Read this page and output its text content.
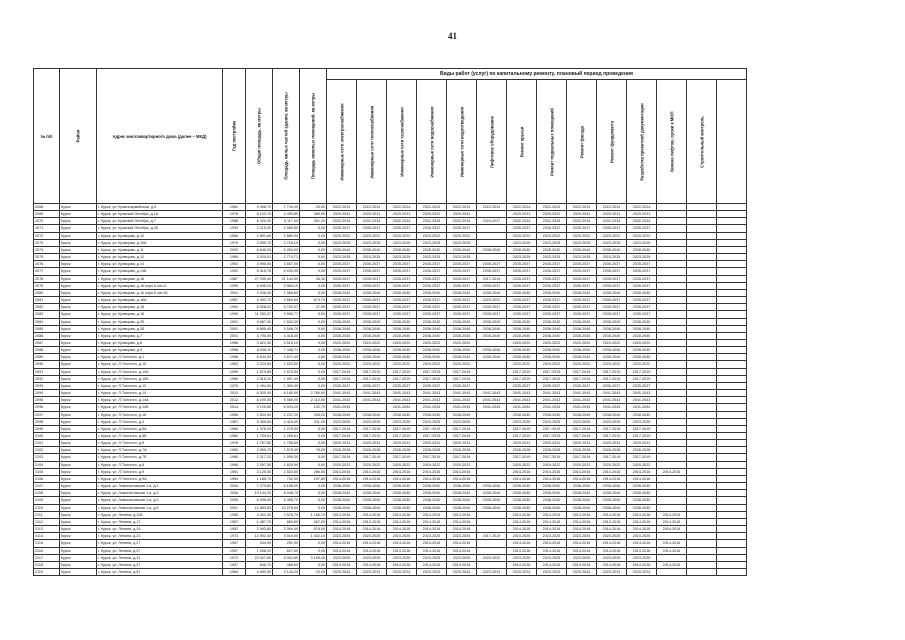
41
№ п/п	Район	Адрес многоквартирного дома (далее – МКД)	Год постройки	Общая площадь, кв.метры	Площадь жилых частей здания, кв.метры	Площадь нежилых помещений, кв.метры	Виды работ (услуг) по капитальному ремонту, плановый период проведения													

							Инженерные сети электроснабжения	Инженерные сети теплоснабжения	Инженерные сети газоснабжения	Инженерные сети водоснабжения	Инженерные сети водоотведения	Лифтовое оборудование	Ремонт крыши	Ремонт подвальных помещений	Ремонт фасада	Ремонт фундамента	Разработка проектной документации	Замена лифтов, сроки к МОП	Строительный контроль	

2068	Курск	г. Курск, ул. Красноармейская, д.5	1981	9 056,70	7 744,40	20,50	2022-2024	2022-2024	2022-2024	2022-2024	2022-2024	2022-2024	2022-2024	2022-2024	2022-2024	2022-2024	2022-2024			
2069	Курск	г. Курск, ул. Красный Октябрь, д.18	1976	8 102,70	4 493,80	369,90	2029-2031	2029-2031	2029-2031	2029-2031	2029-2031		2029-2031	2029-2031	2029-2031	2029-2031	2029-2031			
2070	Курск	г. Курск, ул. Красный Октябрь, д.7	1988	6 320,20	5 117,40	391,20	2032-2034	2032-2034	2032-2034	2032-2034	2032-2034	2024-2027	2032-2034	2032-2034	2032-2034	2032-2034	2032-2034			
2071	Курск	г. Курск, ул. Красный Октябрь, д.35	1994	2 215,30	2 080,50	0,00	2035-2037	2035-2037	2035-2037	2035-2037	2035-2037		2035-2037	2035-2037	2035-2037	2035-2037	2035-2037			
2072	Курск	г. Курск, ул. Кривцова, д.10	1966	2 891,60	2 589,90	0,00	2020-2022	2020-2022	2020-2022	2020-2022	2020-2022		2020-2022	2020-2022	2020-2022	2020-2022	2020-2022			
2073	Курск	г. Курск, ул. Кривцова, д.10А	1970	3 090,70	2 718,10	0,00	2023-2025	2023-2025	2023-2025	2023-2025	2023-2025		2023-2025	2023-2025	2023-2025	2023-2025	2023-2025			
2074	Курск	г. Курск, ул. Кривцова, д.11	2002	6 646,20	6 294,00	0,00	2038-2040	2038-2040	2038-2040	2038-2040	2038-2040	2038-2040	2038-2040	2038-2040	2038-2040	2038-2040	2038-2040			
2075	Курск	г. Курск, ул. Кривцова, д.12	1969	3 020,51	2 774,71	0,00	2023-2025	2023-2025	2023-2025	2023-2025	2023-2025		2023-2025	2023-2025	2023-2025	2023-2025	2023-2025			
2076	Курск	г. Курск, ул. Кривцова, д.14	1992	4 995,00	3 857,50	0,00	2035-2037	2035-2037	2035-2037	2035-2037	2035-2037	2035-2037	2035-2037	2035-2037	2035-2037	2035-2037	2035-2037			
2077	Курск	г. Курск, ул. Кривцова, д.14Б	1992	5 410,75	5 030,95	0,00	2035-2037	2035-2037	2035-2037	2035-2037	2035-2037	2035-2037	2035-2037	2035-2037	2035-2037	2035-2037	2035-2037			
2078	Курск	г. Курск, ул. Кривцова, д.16	1987	27 299,40	21 144,50	36,30	2035-2037	2035-2037	2035-2037	2035-2037	2035-2037	2017-2019	2035-2037	2035-2037	2035-2037	2035-2037	2035-2037			
2079	Курск	г. Курск, ул. Кривцова, д.16 корп.6 лит.А	1990	6 945,10	5 983,10	0,00	2035-2037	2035-2037	2035-2037	2035-2037	2035-2037	2035-2037	2035-2037	2035-2037	2035-2037	2035-2037	2035-2037			
2080	Курск	г. Курск, ул. Кривцова, д.16 корп.6 лит.А1	2001	2 038,40	1 966,80	0,00	2038-2040	2038-2040	2038-2040	2038-2040	2038-2040	2038-2040	2038-2040	2038-2040	2038-2040	2038-2040	2038-2040			
2081	Курск	г. Курск, ул. Кривцова, д.16А	1987	4 392,70	3 664,60	674,70	2035-2037	2035-2037	2035-2037	2035-2037	2035-2037	2020-2022	2035-2037	2035-2037	2035-2037	2035-2037	2035-2037			
2082	Курск	г. Курск, ул. Кривцова, д.18	1992	6 528,41	5 752,07	27,90	2035-2037	2035-2037	2035-2037	2035-2037	2035-2037	2035-2037	2035-2037	2035-2037	2035-2037	2035-2037	2035-2037			
2083	Курск	г. Курск, ул. Кривцова, д.18	1990	11 252,37	9 596,77	0,00	2035-2037	2035-2037	2035-2037	2035-2037	2035-2037	2035-2037	2035-2037	2035-2037	2035-2037	2035-2037	2035-2037			
2084	Курск	г. Курск, ул. Кривцова, д.2Б	2001	9 687,40	7 842,00	0,00	2038-2040	2038-2040	2038-2040	2038-2040	2038-2040	2038-2040	2038-2040	2038-2040	2038-2040	2038-2040	2038-2040			
2085	Курск	г. Курск, ул. Кривцова, д.2Б	2001	6 855,40	5 546,70	0,00	2038-2040	2038-2040	2038-2040	2038-2040	2038-2040	2038-2040	2038-2040	2038-2040	2038-2040	2038-2040	2038-2040			
2086	Курск	г. Курск, ул. Кривцова, д.7	2001	4 790,50	4 418,40	0,00	2038-2040	2038-2040	2038-2040	2038-2040	2038-2040	2038-2040	2038-2040	2038-2040	2038-2040	2038-2040	2038-2040			
2087	Курск	г. Курск, ул. Кривцова, д.8	1968	3 822,30	3 515,10	0,00	2020-2022	2020-2022	2020-2022	2020-2022	2020-2022		2020-2022	2020-2022	2020-2022	2020-2022	2020-2022			
2088	Курск	г. Курск, ул. Кривцова, д.9	1998	8 038,11	7 448,71	0,00	2038-2040	2038-2040	2038-2040	2038-2040	2038-2040	2038-2040	2038-2040	2038-2040	2038-2040	2038-2040	2038-2040			
2089	Курск	г. Курск, ул. Л.Толстого, д.1	1996	6 544,00	4 671,40	4,80	2038-2040	2038-2040	2038-2040	2038-2040	2038-2040	2038-2040	2038-2040	2038-2040	2038-2040	2038-2040	2038-2040			
2090	Курск	г. Курск, ул. Л.Толстого, д.10	1963	3 224,90	2 523,00	0,00	2020-2022	2020-2022	2020-2022	2020-2022	2020-2022		2020-2022	2020-2022	2020-2022	2020-2022	2020-2022			
2091	Курск	г. Курск, ул. Л.Толстого, д.10А	1959	1 679,80	1 570,50	0,00	2017-2019	2017-2019	2017-2019	2017-2019	2017-2019		2017-2019	2017-2019	2017-2019	2017-2019	2017-2019			
2092	Курск	г. Курск, ул. Л.Толстого, д.10Б	1959	2 015,10	1 897,40	0,00	2017-2019	2017-2019	2017-2019	2017-2019	2017-2019		2017-2019	2017-2019	2017-2019	2017-2019	2017-2019			
2093	Курск	г. Курск, ул. Л.Толстого, д.12	1975	1 494,00	1 394,40	0,00	2035-2037	2035-2037	2035-2037	2035-2037	2035-2037		2035-2037	2035-2037	2035-2037	2035-2037	2035-2037			
2094	Курск	г. Курск, ул. Л.Толстого, д.14	2010	8 300,00	6 180,00	2 780,00	2041-2043	2041-2043	2041-2043	2041-2043	2041-2043	2041-2043	2041-2043	2041-2043	2041-2043	2041-2043	2041-2043			
2095	Курск	г. Курск, ул. Л.Толстого, д.14А	2012	8 190,00	6 080,00	2 110,00	2041-2043	2041-2043	2041-2043	2041-2043	2041-2043	2041-2043	2041-2043	2041-2043	2041-2043	2041-2043	2041-2043			
2096	Курск	г. Курск, ул. Л.Толстого, д.14Б	2014	9 125,60	6 043,20	132,70	2041-2043		2041-2043	2041-2043	2041-2043	2041-2043	2041-2043	2041-2043	2041-2043	2041-2043	2041-2043			
2097	Курск	г. Курск, ул. Л.Толстого, д.16	1996	2 604,90	2 237,20	345,20	2038-2040	2038-2040	2038-2040	2038-2040	2038-2040		2038-2040	2038-2040	2038-2040	2038-2040	2038-2040			
2098	Курск	г. Курск, ул. Л.Толстого, д.4	1967	5 369,50	4 415,40	311,00	2023-2025	2023-2025	2023-2025	2023-2025	2023-2025		2023-2025	2023-2025	2023-2025	2023-2025	2023-2025			
2099	Курск	г. Курск, ул. Л.Толстого, д.5А	1960	1 378,25	1 278,00	0,00	2017-2019	2017-2019	2017-2019	2017-2019	2017-2019		2017-2019	2017-2019	2017-2019	2017-2019	2017-2019			
2100	Курск	г. Курск, ул. Л.Толстого, д.5Б	1960	1 750,61	1 255,61	0,00	2017-2019	2017-2019	2017-2019	2017-2019	2017-2019		2017-2019	2017-2019	2017-2019	2017-2019	2017-2019			
2101	Курск	г. Курск, ул. Л.Толстого, д.6	1976	1 767,80	1 798,50	0,00	2029-2031	2029-2031	2029-2031	2029-2031	2029-2031		2029-2031	2029-2031	2029-2031	2029-2031	2029-2031			
2102	Курск	г. Курск, ул. Л.Толстого, д.7А	1983	2 955,70	1 575,40	78,20	2026-2028	2026-2028	2026-2028	2026-2028	2026-2028		2026-2028	2026-2028	2026-2028	2026-2028	2026-2028			
2103	Курск	г. Курск, ул. Л.Толстого, д.7Б	1960	2 217,22	1 590,30	0,00	2017-2019	2017-2019	2017-2019	2017-2019	2017-2019		2017-2019	2017-2019	2017-2019	2017-2019	2017-2019			
2104	Курск	г. Курск, ул. Л.Толстого, д.8	1966	2 097,50	1 620,90	0,00	2020-2022	2020-2022	2020-2022	2020-2022	2020-2022		2020-2022	2020-2022	2020-2022	2020-2022	2020-2022			
2105	Курск	г. Курск, ул. Л.Толстого, д.9	1951	3 125,30	2 522,60	286,50	2014-2016	2014-2016	2014-2016	2014-2016	2014-2016		2014-2016	2014-2016	2014-2016	2014-2016	2014-2016	2014-2016		
2106	Курск	г. Курск, ул. Л.Толстого, д.9А	1954	1 185,70	742,30	197,80	2014-2016	2014-2016	2014-2016	2014-2016	2014-2016		2014-2016	2014-2016	2014-2016	2014-2016	2014-2016			
2107	Курск	г. Курск, ул. Ломоносовская 1-я, д.1	2004	7 479,60	6 158,30	0,00	2038-2040	2038-2040	2038-2040	2038-2040	2038-2040	2038-2040	2038-2040	2038-2040	2038-2040	2038-2040	2038-2040			
2108	Курск	г. Курск, ул. Ломоносовская 1-я, д.3	2006	19 144,20	8 046,70	0,00	2038-2040	2038-2040	2038-2040	2038-2040	2038-2040	2038-2040	2038-2040	2038-2040	2038-2040	2038-2040	2038-2040			
2109	Курск	г. Курск, ул. Ломоносовская 1-я, д.3	2005	6 096,60	5 458,70	0,00	2038-2040	2038-2040	2038-2040	2038-2040	2038-2040	2038-2040	2038-2040	2038-2040	2038-2040	2038-2040	2038-2040			
2110	Курск	г. Курск, ул. Ломоносовская 1-я, д.5	2001	12 583,50	10 278,00	0,00	2038-2040	2038-2040	2038-2040	2038-2040	2038-2040	2038-2040	2038-2040	2038-2040	2038-2040	2038-2040	2038-2040			
2111	Курск	г. Курск, ул. Ленина, д.108	1955	4 403,30	2 576,70	1 166,70	2014-2016	2014-2016	2014-2016	2014-2016	2014-2016		2014-2016	2014-2016	2014-2016	2014-2016	2014-2016	2014-2016		
2112	Курск	г. Курск, ул. Ленина, д.17	1957	1 487,70	860,60	267,00	2014-2016	2014-2016	2014-2016	2014-2016	2014-2016		2014-2016	2014-2016	2014-2016	2014-2016	2014-2016	2014-2016		
2113	Курск	г. Курск, ул. Ленина, д.19	1952	2 993,80	2 094,40	578,00	2014-2016	2014-2016	2014-2016	2014-2016	2014-2016		2014-2016	2014-2016	2014-2016	2014-2016	2014-2016	2014-2016		
2114	Курск	г. Курск, ул. Ленина, д.23	1973	12 902,40	9 016,50	1 432,10	2023-2025	2023-2025	2023-2025	2023-2025	2023-2025	2017-2019	2023-2025	2023-2025	2023-2025	2023-2025	2023-2025			
2115	Курск	г. Курск, ул. Ленина, д.27	1957	344,90	291,90	0,00	2014-2016	2014-2016	2014-2016	2014-2016	2014-2016		2014-2016	2014-2016	2014-2016	2014-2016	2014-2016	2014-2016		
2116	Курск	г. Курск, ул. Ленина, д.27	1957	1 058,20	627,60	0,00	2014-2016	2014-2016	2014-2016	2014-2016	2014-2016		2014-2016	2014-2016	2014-2016	2014-2016	2014-2016	2014-2016		
2117	Курск	г. Курск, ул. Ленина, д.31	1972	23 027,80	8 302,80	3 195,40	2023-2025	2023-2025	2023-2025	2023-2025	2023-2025	2020-2022	2023-2025	2023-2025	2023-2025	2023-2025	2023-2025			
2118	Курск	г. Курск, ул. Ленина, д.37	1957	546,70	468,60	0,00	2014-2016	2014-2016	2014-2016	2014-2016	2014-2016		2014-2016	2014-2016	2014-2016	2014-2016	2014-2016	2014-2016		
2119	Курск	г. Курск, ул. Ленина, д.51	1964	4 980,50	3 144,20	23,00	2020-2024	2020-2024	2020-2024	2020-2024	2020-2024	2022-2024	2020-2024	2020-2024	2020-2024	2020-2024	2020-2024			
